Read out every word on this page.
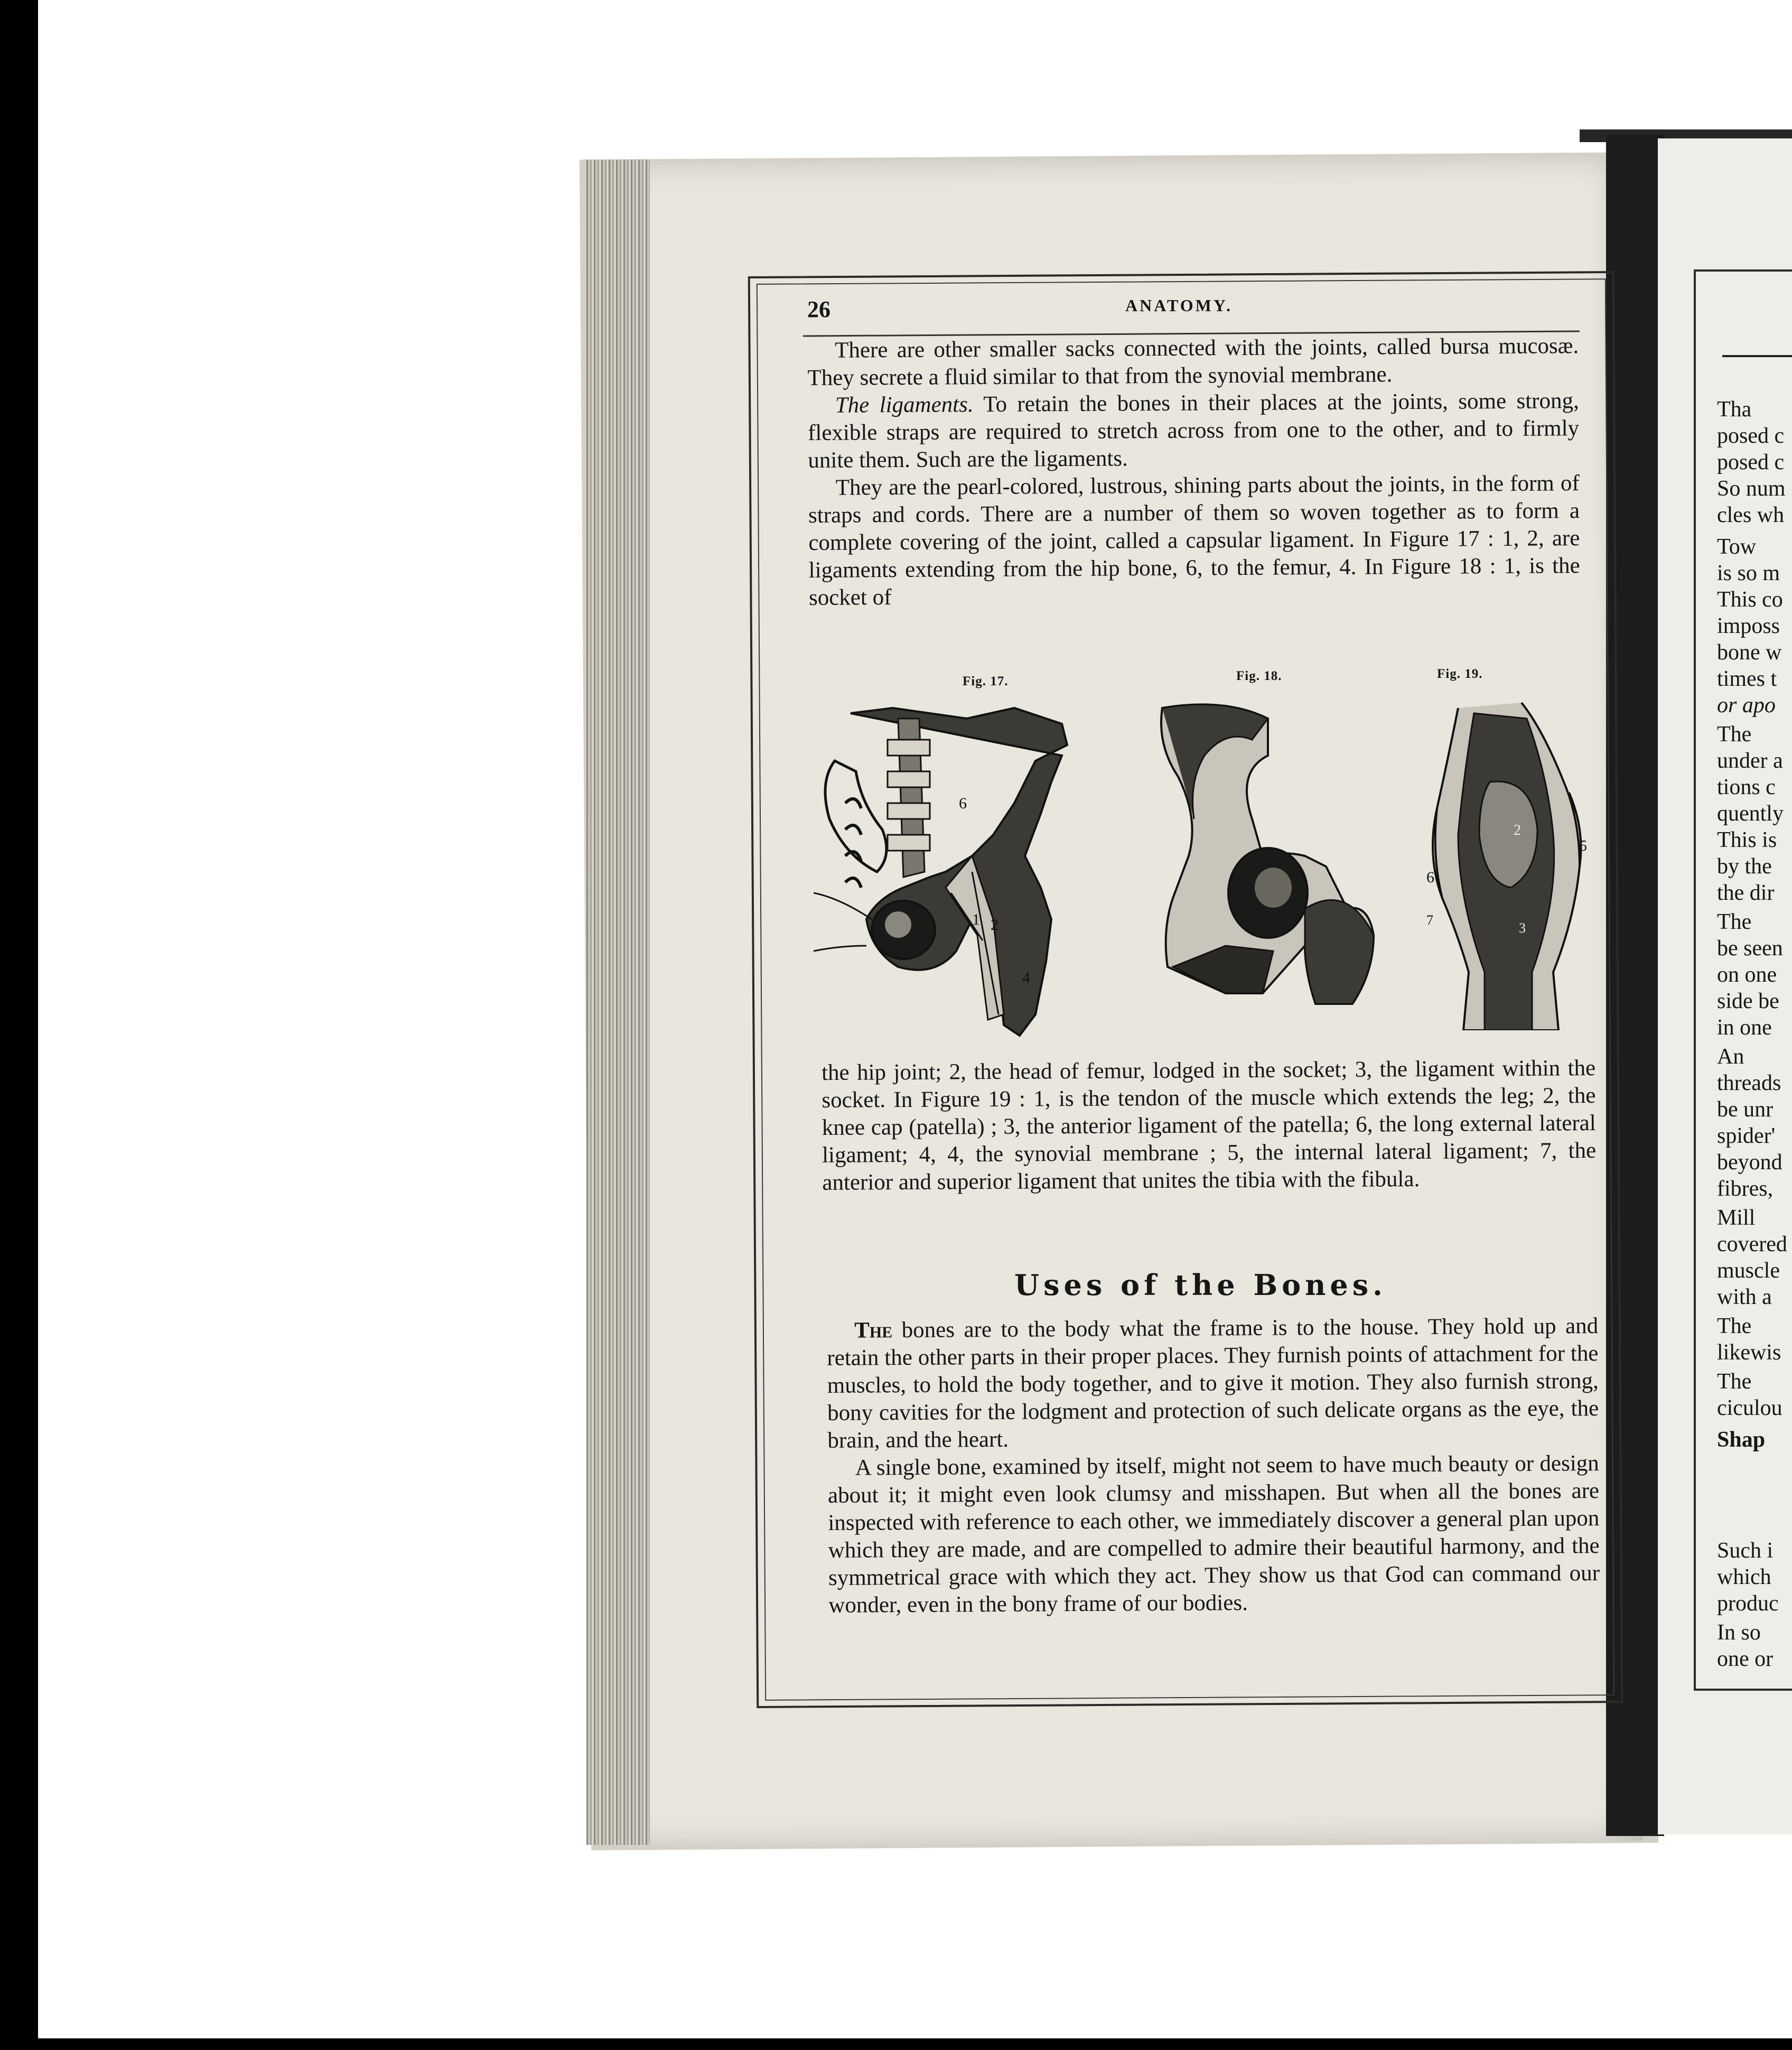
26	ANATOMY.

There are other smaller sacks connected with the joints, called bursa mucosæ. They secrete a fluid similar to that from the synovial membrane.

The ligaments. To retain the bones in their places at the joints, some strong, flexible straps are required to stretch across from one to the other, and to firmly unite them. Such are the ligaments.

They are the pearl-colored, lustrous, shining parts about the joints, in the form of straps and cords. There are a number of them so woven together as to form a complete covering of the joint, called a capsular ligament. In Figure 17 : 1, 2, are ligaments extending from the hip bone, 6, to the femur, 4. In Figure 18 : 1, is the socket of

Fig. 17.	Fig. 18.	Fig. 19.
6
1 2
4
2
6
5
7
3

the hip joint; 2, the head of femur, lodged in the socket; 3, the ligament within the socket. In Figure 19 : 1, is the tendon of the muscle which extends the leg; 2, the knee cap (patella) ; 3, the anterior ligament of the patella; 6, the long external lateral ligament; 4, 4, the synovial membrane ; 5, the internal lateral ligament; 7, the anterior and superior ligament that unites the tibia with the fibula.

Uses of the Bones.

The bones are to the body what the frame is to the house. They hold up and retain the other parts in their proper places. They furnish points of attachment for the muscles, to hold the body together, and to give it motion. They also furnish strong, bony cavities for the lodgment and protection of such delicate organs as the eye, the brain, and the heart.

A single bone, examined by itself, might not seem to have much beauty or design about it; it might even look clumsy and misshapen. But when all the bones are inspected with reference to each other, we immediately discover a general plan upon which they are made, and are compelled to admire their beautiful harmony, and the symmetrical grace with which they act. They show us that God can command our wonder, even in the bony frame of our bodies.

Tha
posed c
posed c
So num
cles wh
Tow
is so m
This co
imposs
bone w
times t
or apo
The
under a
tions c
quently
This is
by the
the dir
The
be seen
on one
side be
in one
An
threads
be unr
spider'
beyond
fibres,
Mill
covered
muscle
with a
The
likewis
The
ciculou
Shap
Such i
which
produc
In so
one or
